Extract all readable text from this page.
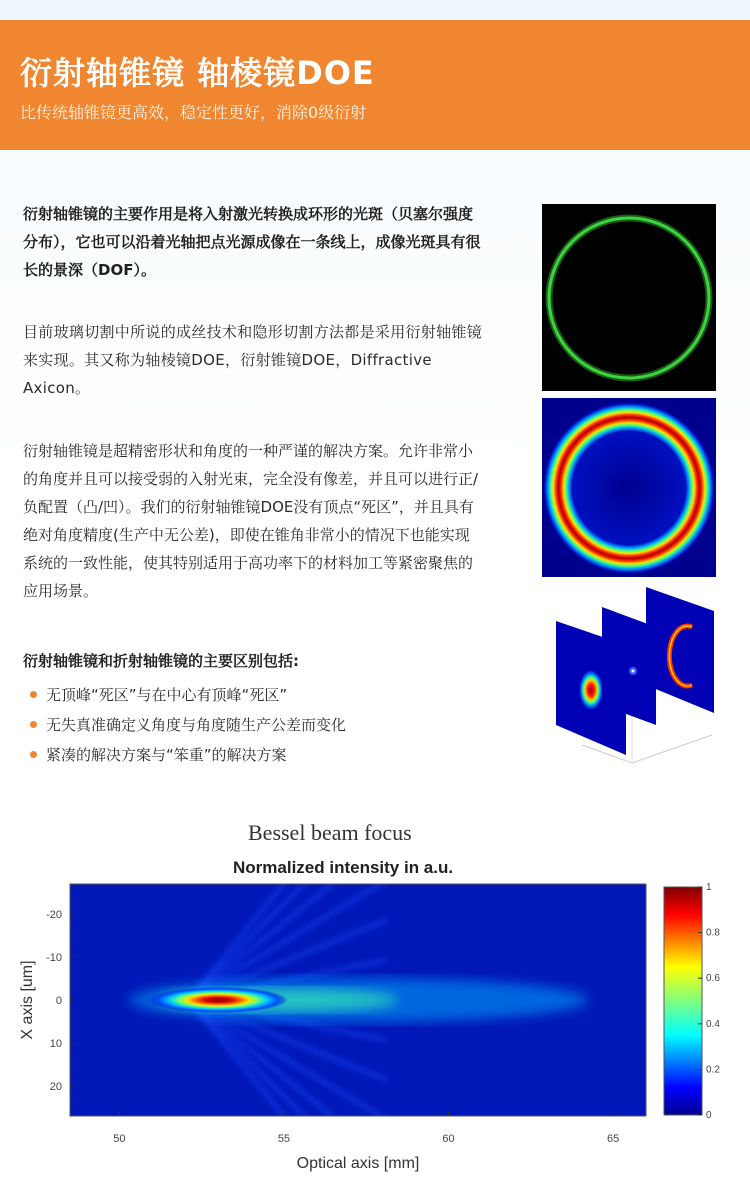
衍射轴锥镜 轴棱镜DOE
比传统轴锥镜更高效，稳定性更好，消除0级衍射
衍射轴锥镜的主要作用是将入射激光转换成环形的光斑（贝塞尔强度分布），它也可以沿着光轴把点光源成像在一条线上，成像光斑具有很长的景深（DOF）。
目前玻璃切割中所说的成丝技术和隐形切割方法都是采用衍射轴锥镜来实现。其又称为轴棱镜DOE，衍射锥镜DOE，Diffractive Axicon。
衍射轴锥镜是超精密形状和角度的一种严谨的解决方案。允许非常小的角度并且可以接受弱的入射光束，完全没有像差，并且可以进行正/负配置（凸/凹）。我们的衍射轴锥镜DOE没有顶点“死区”，并且具有绝对角度精度(生产中无公差)，即使在锥角非常小的情况下也能实现系统的一致性能，使其特别适用于高功率下的材料加工等紧密聚焦的应用场景。
衍射轴锥镜和折射轴锥镜的主要区别包括:
无顶峰“死区”与在中心有顶峰“死区”
无失真准确定义角度与角度随生产公差而变化
紧凑的解决方案与“笨重”的解决方案
Bessel beam focus
Normalized intensity in a.u.
50	55	60	65
-20
-10
0
10
20
Optical axis [mm]
X axis [um]
0
0.2
0.4
0.6
0.8
1
